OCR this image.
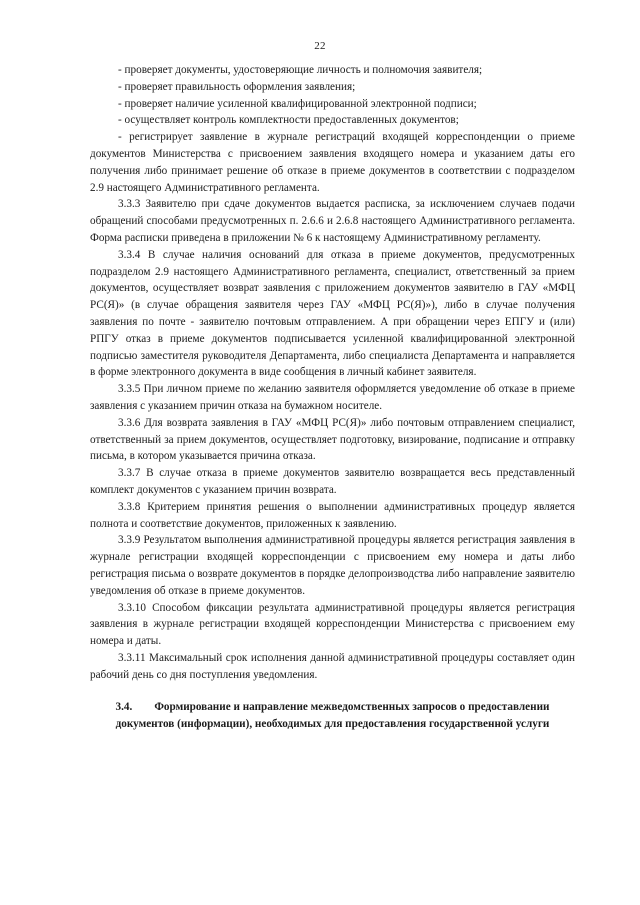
22

- проверяет документы, удостоверяющие личность и полномочия заявителя;

- проверяет правильность оформления заявления;

- проверяет наличие усиленной квалифицированной электронной подписи;

- осуществляет контроль комплектности предоставленных документов;

- регистрирует заявление в журнале регистраций входящей корреспонденции о приеме документов Министерства с присвоением заявления входящего номера и указанием даты его получения либо принимает решение об отказе в приеме документов в соответствии с подразделом 2.9 настоящего Административного регламента.

3.3.3 Заявителю при сдаче документов выдается расписка, за исключением случаев подачи обращений способами предусмотренных п. 2.6.6 и 2.6.8 настоящего Административного регламента. Форма расписки приведена в приложении № 6 к настоящему Административному регламенту.

3.3.4 В случае наличия оснований для отказа в приеме документов, предусмотренных подразделом 2.9 настоящего Административного регламента, специалист, ответственный за прием документов, осуществляет возврат заявления с приложением документов заявителю в ГАУ «МФЦ РС(Я)» (в случае обращения заявителя через ГАУ «МФЦ РС(Я)»), либо в случае получения заявления по почте - заявителю почтовым отправлением. А при обращении через ЕПГУ и (или) РПГУ отказ в приеме документов подписывается усиленной квалифицированной электронной подписью заместителя руководителя Департамента, либо специалиста Департамента и направляется в форме электронного документа в виде сообщения в личный кабинет заявителя.

3.3.5 При личном приеме по желанию заявителя оформляется уведомление об отказе в приеме заявления с указанием причин отказа на бумажном носителе.

3.3.6 Для возврата заявления в ГАУ «МФЦ РС(Я)» либо почтовым отправлением специалист, ответственный за прием документов, осуществляет подготовку, визирование, подписание и отправку письма, в котором указывается причина отказа.

3.3.7 В случае отказа в приеме документов заявителю возвращается весь представленный комплект документов с указанием причин возврата.

3.3.8 Критерием принятия решения о выполнении административных процедур является полнота и соответствие документов, приложенных к заявлению.

3.3.9 Результатом выполнения административной процедуры является регистрация заявления в журнале регистрации входящей корреспонденции с присвоением ему номера и даты либо регистрация письма о возврате документов в порядке делопроизводства либо направление заявителю уведомления об отказе в приеме документов.

3.3.10 Способом фиксации результата административной процедуры является регистрация заявления в журнале регистрации входящей корреспонденции Министерства с присвоением ему номера и даты.

3.3.11 Максимальный срок исполнения данной административной процедуры составляет один рабочий день со дня поступления уведомления.

3.4. Формирование и направление межведомственных запросов о предоставлении документов (информации), необходимых для предоставления государственной услуги
